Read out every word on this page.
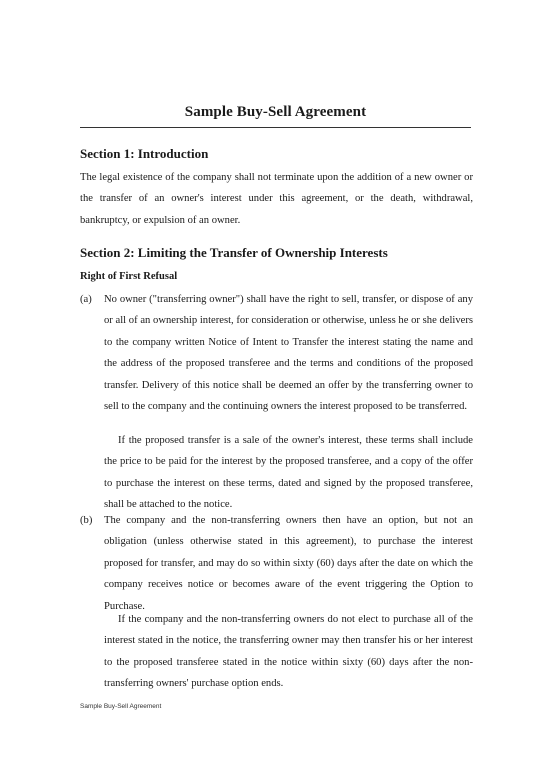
Sample Buy-Sell Agreement
Section 1: Introduction
The legal existence of the company shall not terminate upon the addition of a new owner or the transfer of an owner's interest under this agreement, or the death, withdrawal, bankruptcy, or expulsion of an owner.
Section 2: Limiting the Transfer of Ownership Interests
Right of First Refusal
(a) No owner ("transferring owner") shall have the right to sell, transfer, or dispose of any or all of an ownership interest, for consideration or otherwise, unless he or she delivers to the company written Notice of Intent to Transfer the interest stating the name and the address of the proposed transferee and the terms and conditions of the proposed transfer. Delivery of this notice shall be deemed an offer by the transferring owner to sell to the company and the continuing owners the interest proposed to be transferred.
If the proposed transfer is a sale of the owner's interest, these terms shall include the price to be paid for the interest by the proposed transferee, and a copy of the offer to purchase the interest on these terms, dated and signed by the proposed transferee, shall be attached to the notice.
(b) The company and the non-transferring owners then have an option, but not an obligation (unless otherwise stated in this agreement), to purchase the interest proposed for transfer, and may do so within sixty (60) days after the date on which the company receives notice or becomes aware of the event triggering the Option to Purchase.
If the company and the non-transferring owners do not elect to purchase all of the interest stated in the notice, the transferring owner may then transfer his or her interest to the proposed transferee stated in the notice within sixty (60) days after the non-transferring owners' purchase option ends.
Sample Buy-Sell Agreement
